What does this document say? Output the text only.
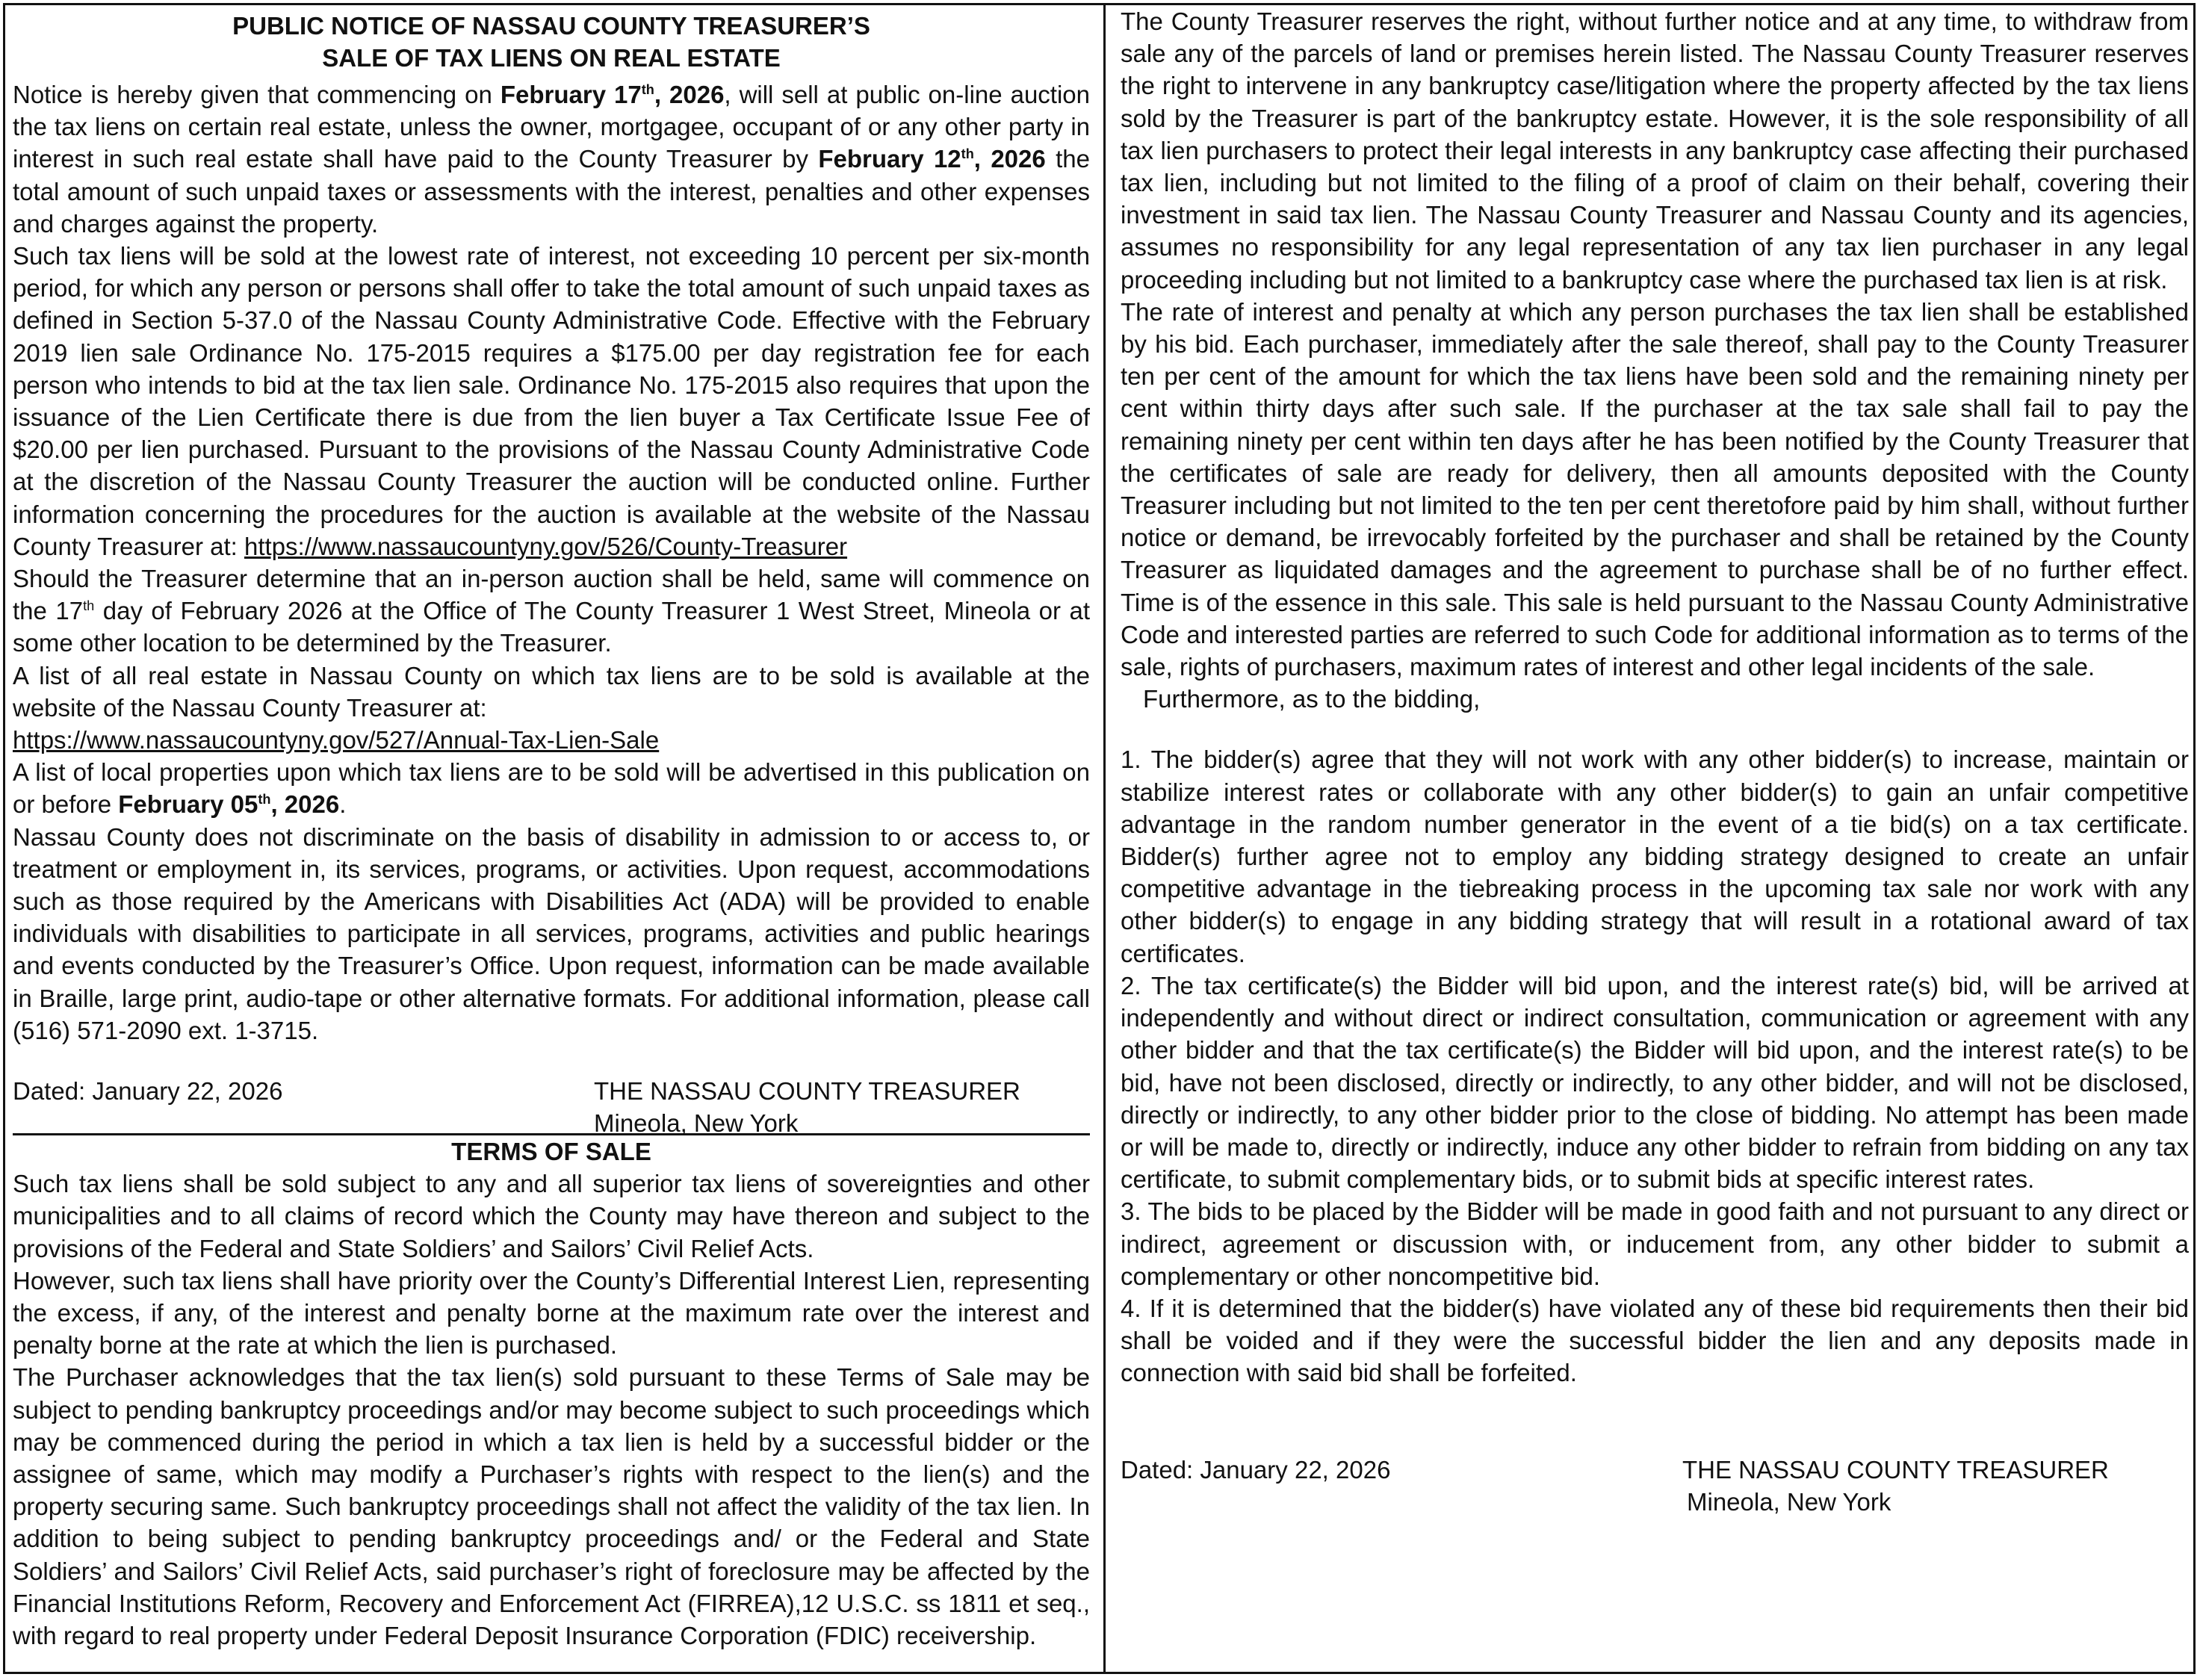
PUBLIC NOTICE OF NASSAU COUNTY TREASURER’S
SALE OF TAX LIENS ON REAL ESTATE

Notice is hereby given that commencing on February 17th, 2026, will sell at public on-line auction the tax liens on certain real estate, unless the owner, mortgagee, occupant of or any other party in interest in such real estate shall have paid to the County Treasurer by February 12th, 2026 the total amount of such unpaid taxes or assessments with the interest, penalties and other expenses and charges against the property.

Such tax liens will be sold at the lowest rate of interest, not exceeding 10 percent per six-month period, for which any person or persons shall offer to take the total amount of such unpaid taxes as defined in Section 5-37.0 of the Nassau County Administrative Code. Effective with the February 2019 lien sale Ordinance No. 175-2015 requires a $175.00 per day registration fee for each person who intends to bid at the tax lien sale. Ordinance No. 175-2015 also requires that upon the issuance of the Lien Certificate there is due from the lien buyer a Tax Certificate Issue Fee of $20.00 per lien purchased. Pursuant to the provisions of the Nassau County Administrative Code at the discretion of the Nassau County Treasurer the auction will be conducted online. Further information concerning the procedures for the auction is available at the website of the Nassau County Treasurer at: https://www.nassaucountyny.gov/526/County-Treasurer

Should the Treasurer determine that an in-person auction shall be held, same will commence on the 17th day of February 2026 at the Office of The County Treasurer 1 West Street, Mineola or at some other location to be determined by the Treasurer.

A list of all real estate in Nassau County on which tax liens are to be sold is available at the website of the Nassau County Treasurer at:
https://www.nassaucountyny.gov/527/Annual-Tax-Lien-Sale

A list of local properties upon which tax liens are to be sold will be advertised in this publication on or before February 05th, 2026.

Nassau County does not discriminate on the basis of disability in admission to or access to, or treatment or employment in, its services, programs, or activities. Upon request, accommodations such as those required by the Americans with Disabilities Act (ADA) will be provided to enable individuals with disabilities to participate in all services, programs, activities and public hearings and events conducted by the Treasurer’s Office. Upon request, information can be made available in Braille, large print, audio-tape or other alternative formats. For additional information, please call (516) 571-2090 ext. 1-3715.

Dated: January 22, 2026	THE NASSAU COUNTY TREASURER
Mineola, New York
TERMS OF SALE

Such tax liens shall be sold subject to any and all superior tax liens of sovereignties and other municipalities and to all claims of record which the County may have thereon and subject to the provisions of the Federal and State Soldiers’ and Sailors’ Civil Relief Acts.

However, such tax liens shall have priority over the County’s Differential Interest Lien, representing the excess, if any, of the interest and penalty borne at the maximum rate over the interest and penalty borne at the rate at which the lien is purchased.

The Purchaser acknowledges that the tax lien(s) sold pursuant to these Terms of Sale may be subject to pending bankruptcy proceedings and/or may become subject to such proceedings which may be commenced during the period in which a tax lien is held by a successful bidder or the assignee of same, which may modify a Purchaser’s rights with respect to the lien(s) and the property securing same. Such bankruptcy proceedings shall not affect the validity of the tax lien. In addition to being subject to pending bankruptcy proceedings and/ or the Federal and State Soldiers’ and Sailors’ Civil Relief Acts, said purchaser’s right of foreclosure may be affected by the Financial Institutions Reform, Recovery and Enforcement Act (FIRREA),12 U.S.C. ss 1811 et seq., with regard to real property under Federal Deposit Insurance Corporation (FDIC) receivership.

The County Treasurer reserves the right, without further notice and at any time, to withdraw from sale any of the parcels of land or premises herein listed. The Nassau County Treasurer reserves the right to intervene in any bankruptcy case/litigation where the property affected by the tax liens sold by the Treasurer is part of the bankruptcy estate. However, it is the sole responsibility of all tax lien purchasers to protect their legal interests in any bankruptcy case affecting their purchased tax lien, including but not limited to the filing of a proof of claim on their behalf, covering their investment in said tax lien. The Nassau County Treasurer and Nassau County and its agencies, assumes no responsibility for any legal representation of any tax lien purchaser in any legal proceeding including but not limited to a bankruptcy case where the purchased tax lien is at risk.

The rate of interest and penalty at which any person purchases the tax lien shall be established by his bid. Each purchaser, immediately after the sale thereof, shall pay to the County Treasurer ten per cent of the amount for which the tax liens have been sold and the remaining ninety per cent within thirty days after such sale. If the purchaser at the tax sale shall fail to pay the remaining ninety per cent within ten days after he has been notified by the County Treasurer that the certificates of sale are ready for delivery, then all amounts deposited with the County Treasurer including but not limited to the ten per cent theretofore paid by him shall, without further notice or demand, be irrevocably forfeited by the purchaser and shall be retained by the County Treasurer as liquidated damages and the agreement to purchase shall be of no further effect. Time is of the essence in this sale. This sale is held pursuant to the Nassau County Administrative Code and interested parties are referred to such Code for additional information as to terms of the sale, rights of purchasers, maximum rates of interest and other legal incidents of the sale.

Furthermore, as to the bidding,

1. The bidder(s) agree that they will not work with any other bidder(s) to increase, maintain or stabilize interest rates or collaborate with any other bidder(s) to gain an unfair competitive advantage in the random number generator in the event of a tie bid(s) on a tax certificate. Bidder(s) further agree not to employ any bidding strategy designed to create an unfair competitive advantage in the tiebreaking process in the upcoming tax sale nor work with any other bidder(s) to engage in any bidding strategy that will result in a rotational award of tax certificates.

2. The tax certificate(s) the Bidder will bid upon, and the interest rate(s) bid, will be arrived at independently and without direct or indirect consultation, communication or agreement with any other bidder and that the tax certificate(s) the Bidder will bid upon, and the interest rate(s) to be bid, have not been disclosed, directly or indirectly, to any other bidder, and will not be disclosed, directly or indirectly, to any other bidder prior to the close of bidding. No attempt has been made or will be made to, directly or indirectly, induce any other bidder to refrain from bidding on any tax certificate, to submit complementary bids, or to submit bids at specific interest rates.

3. The bids to be placed by the Bidder will be made in good faith and not pursuant to any direct or indirect, agreement or discussion with, or inducement from, any other bidder to submit a complementary or other noncompetitive bid.

4. If it is determined that the bidder(s) have violated any of these bid requirements then their bid shall be voided and if they were the successful bidder the lien and any deposits made in connection with said bid shall be forfeited.

Dated: January 22, 2026	THE NASSAU COUNTY TREASURER
Mineola, New York
